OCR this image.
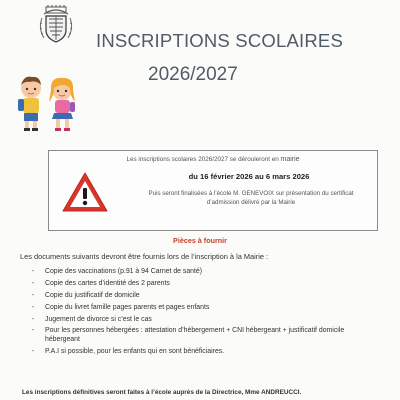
INSCRIPTIONS SCOLAIRES
2026/2027
Les inscriptions scolaires 2026/2027 se dérouleront en mairie
du 16 février 2026 au 6 mars 2026
Puis seront finalisées à l’école M. GENEVOIX sur présentation du certificat
d’admission délivré par la Mairie
Pièces à fournir
Les documents suivants devront être fournis lors de l’inscription à la Mairie :
- Copie des vaccinations (p.91 à 94 Carnet de santé)
- Copie des cartes d’identité des 2 parents
- Copie du justificatif de domicile
- Copie du livret famille pages parents et pages enfants
- Jugement de divorce si c’est le cas
- Pour les personnes hébergées : attestation d’hébergement + CNI hébergeant + justificatif domicile hébergeant
- P.A.I si possible, pour les enfants qui en sont bénéficiaires.
Les inscriptions définitives seront faites à l’école auprès de la Directrice, Mme ANDREUCCI.
